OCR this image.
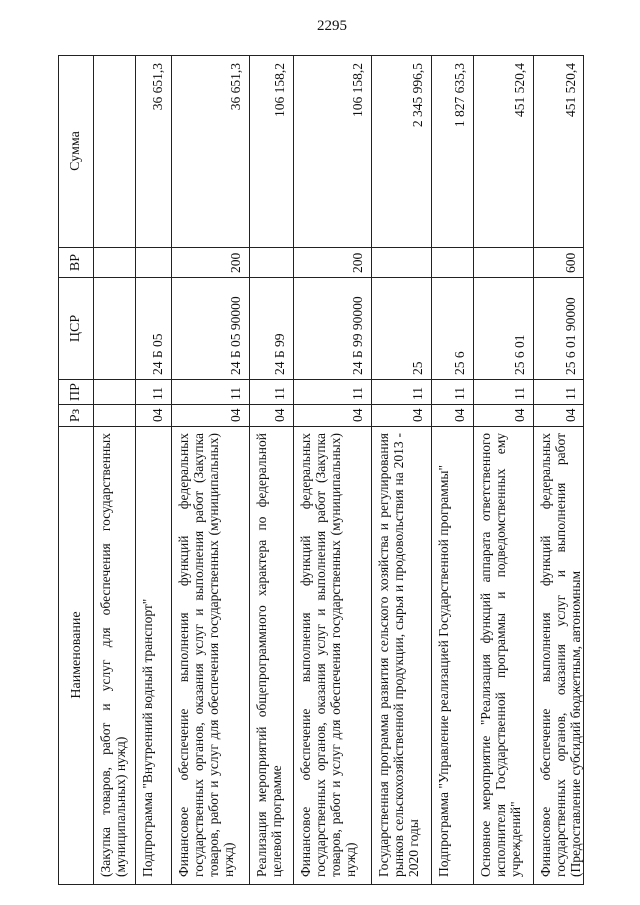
2295
Наименование
Рз
ПР
ЦСР
ВР
Сумма
(Закупка товаров, работ и услуг для обеспечения государственных (муниципальных) нужд) Подпрограмма "Внутренний водный транспорт"
04
11
24 Б 05
36 651,3
Финансовое обеспечение выполнения функций федеральных государственных органов, оказания услуг и выполнения работ (Закупка товаров, работ и услуг для обеспечения государственных (муниципальных) нужд)
04
11
24 Б 05 90000
200
36 651,3
Реализация мероприятий общепрограммного характера по федеральной целевой программе
04
11
24 Б 99
106 158,2
Финансовое обеспечение выполнения функций федеральных государственных органов, оказания услуг и выполнения работ (Закупка товаров, работ и услуг для обеспечения государственных (муниципальных) нужд)
04
11
24 Б 99 90000
200
106 158,2
Государственная программа развития сельского хозяйства и регулирования рынков сельскохозяйственной продукции, сырья и продовольствия на 2013 - 2020 годы
04
11
25
2 345 996,5
Подпрограмма "Управление реализацией Государственной программы"
04
11
25 6
1 827 635,3
Основное мероприятие "Реализация функций аппарата ответственного исполнителя Государственной программы и подведомственных ему учреждений"
04
11
25 6 01
451 520,4
Финансовое обеспечение выполнения функций федеральных государственных органов, оказания услуг и выполнения работ (Предоставление субсидий бюджетным, автономным
04
11
25 6 01 90000
600
451 520,4
